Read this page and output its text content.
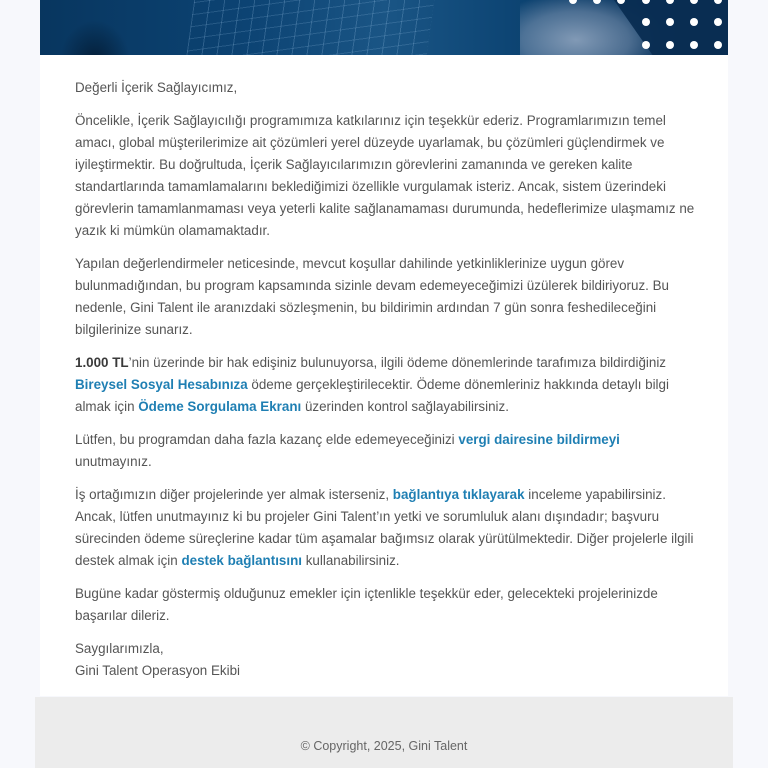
Değerli İçerik Sağlayıcımız,

Öncelikle, İçerik Sağlayıcılığı programımıza katkılarınız için teşekkür ederiz. Programlarımızın temel amacı, global müşterilerimize ait çözümleri yerel düzeyde uyarlamak, bu çözümleri güçlendirmek ve iyileştirmektir. Bu doğrultuda, İçerik Sağlayıcılarımızın görevlerini zamanında ve gereken kalite standartlarında tamamlamalarını beklediğimizi özellikle vurgulamak isteriz. Ancak, sistem üzerindeki görevlerin tamamlanmaması veya yeterli kalite sağlanamaması durumunda, hedeflerimize ulaşmamız ne yazık ki mümkün olamamaktadır.

Yapılan değerlendirmeler neticesinde, mevcut koşullar dahilinde yetkinliklerinize uygun görev bulunmadığından, bu program kapsamında sizinle devam edemeyeceğimizi üzülerek bildiriyoruz. Bu nedenle, Gini Talent ile aranızdaki sözleşmenin, bu bildirimin ardından 7 gün sonra feshedileceğini bilgilerinize sunarız.

1.000 TL’nin üzerinde bir hak edişiniz bulunuyorsa, ilgili ödeme dönemlerinde tarafımıza bildirdiğiniz Bireysel Sosyal Hesabınıza ödeme gerçekleştirilecektir. Ödeme dönemleriniz hakkında detaylı bilgi almak için Ödeme Sorgulama Ekranı üzerinden kontrol sağlayabilirsiniz.

Lütfen, bu programdan daha fazla kazanç elde edemeyeceğinizi vergi dairesine bildirmeyi unutmayınız.

İş ortağımızın diğer projelerinde yer almak isterseniz, bağlantıya tıklayarak inceleme yapabilirsiniz. Ancak, lütfen unutmayınız ki bu projeler Gini Talent’ın yetki ve sorumluluk alanı dışındadır; başvuru sürecinden ödeme süreçlerine kadar tüm aşamalar bağımsız olarak yürütülmektedir. Diğer projelerle ilgili destek almak için destek bağlantısını kullanabilirsiniz.

Bugüne kadar göstermiş olduğunuz emekler için içtenlikle teşekkür eder, gelecekteki projelerinizde başarılar dileriz.

Saygılarımızla,
Gini Talent Operasyon Ekibi

© Copyright, 2025, Gini Talent
